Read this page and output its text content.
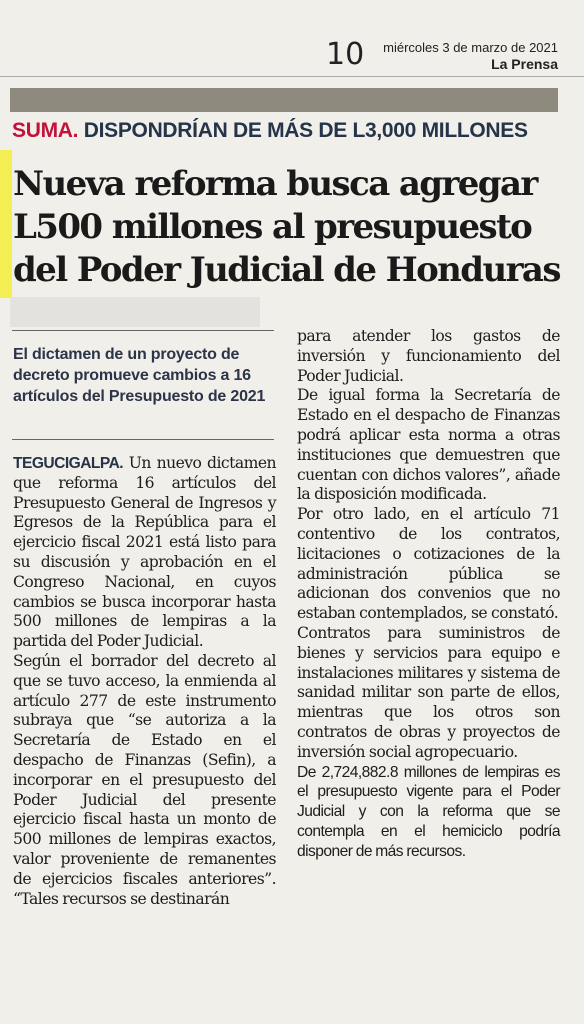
10	miércoles 3 de marzo de 2021
La Prensa
SUMA. DISPONDRÍAN DE MÁS DE L3,000 MILLONES
Nueva reforma busca agregar
L500 millones al presupuesto
del Poder Judicial de Honduras

El dictamen de un proyecto de decreto promueve cambios a 16 artículos del Presupuesto de 2021

TEGUCIGALPA. Un nuevo dictamen que reforma 16 artículos del Presupuesto General de Ingresos y Egresos de la República para el ejercicio fiscal 2021 está listo para su discusión y aprobación en el Congreso Nacional, en cuyos cambios se busca incorporar hasta 500 millones de lempiras a la partida del Poder Judicial.

Según el borrador del decreto al que se tuvo acceso, la enmienda al artículo 277 de este instrumento subraya que “se autoriza a la Secretaría de Estado en el despacho de Finanzas (Sefin), a incorporar en el presupuesto del Poder Judicial del presente ejercicio fiscal hasta un monto de 500 millones de lempiras exactos, valor proveniente de remanentes de ejercicios fiscales anteriores”. “Tales recursos se destinarán

para atender los gastos de inversión y funcionamiento del Poder Judicial.

De igual forma la Secretaría de Estado en el despacho de Finanzas podrá aplicar esta norma a otras instituciones que demuestren que cuentan con dichos valores”, añade la disposición modificada.

Por otro lado, en el artículo 71 contentivo de los contratos, licitaciones o cotizaciones de la administración pública se adicionan dos convenios que no estaban contemplados, se constató.

Contratos para suministros de bienes y servicios para equipo e instalaciones militares y sistema de sanidad militar son parte de ellos, mientras que los otros son contratos de obras y proyectos de inversión social agropecuario.

De 2,724,882.8 millones de lempiras es el presupuesto vigente para el Poder Judicial y con la reforma que se contempla en el hemiciclo podría disponer de más recursos.
